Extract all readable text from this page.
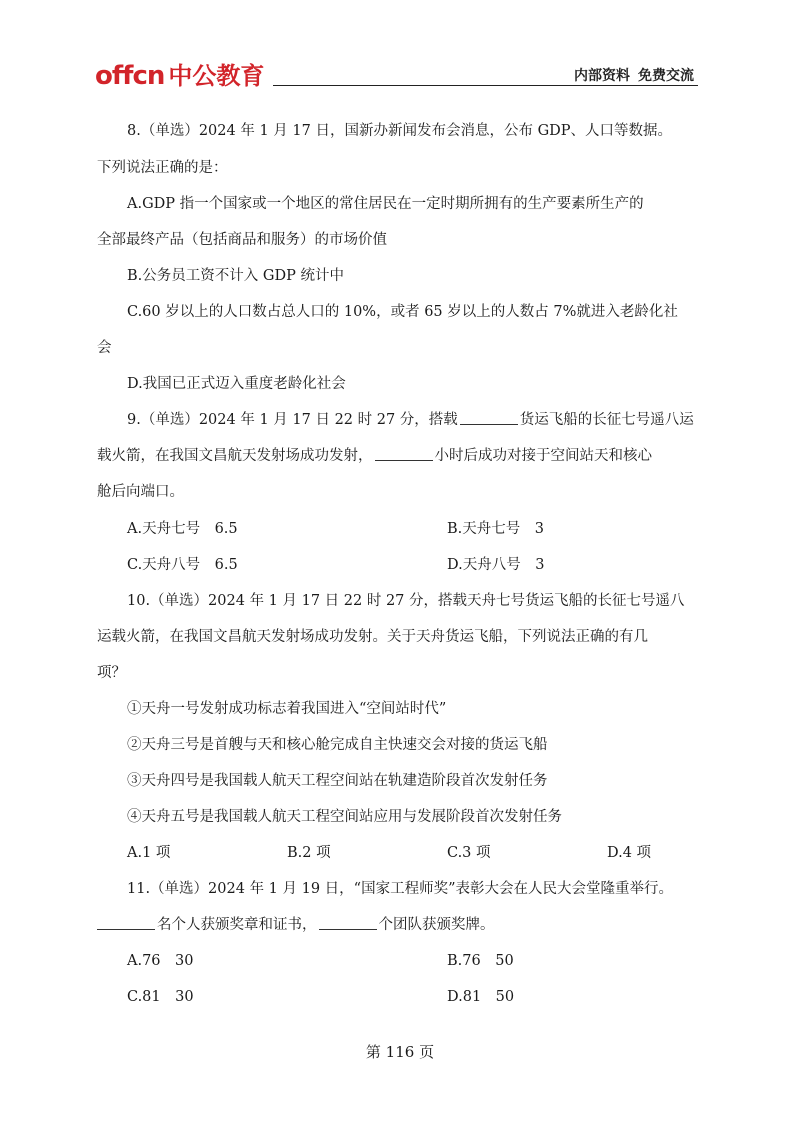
offcn 中公教育	内部资料 免费交流
8.（单选）2024 年 1 月 17 日，国新办新闻发布会消息，公布 GDP、人口等数据。
下列说法正确的是：
A.GDP 指一个国家或一个地区的常住居民在一定时期所拥有的生产要素所生产的
全部最终产品（包括商品和服务）的市场价值
B.公务员工资不计入 GDP 统计中
C.60 岁以上的人口数占总人口的 10%，或者 65 岁以上的人数占 7%就进入老龄化社
会
D.我国已正式迈入重度老龄化社会
9.（单选）2024 年 1 月 17 日 22 时 27 分，搭载	货运飞船的长征七号遥八运
载火箭，在我国文昌航天发射场成功发射，	小时后成功对接于空间站天和核心
舱后向端口。
A.天舟七号　6.5	B.天舟七号　3
C.天舟八号　6.5	D.天舟八号　3
10.（单选）2024 年 1 月 17 日 22 时 27 分，搭载天舟七号货运飞船的长征七号遥八
运载火箭，在我国文昌航天发射场成功发射。关于天舟货运飞船，下列说法正确的有几
项？
①天舟一号发射成功标志着我国进入“空间站时代”
②天舟三号是首艘与天和核心舱完成自主快速交会对接的货运飞船
③天舟四号是我国载人航天工程空间站在轨建造阶段首次发射任务
④天舟五号是我国载人航天工程空间站应用与发展阶段首次发射任务
A.1 项	B.2 项	C.3 项	D.4 项
11.（单选）2024 年 1 月 19 日，“国家工程师奖”表彰大会在人民大会堂隆重举行。
名个人获颁奖章和证书，	个团队获颁奖牌。
A.76　30	B.76　50
C.81　30	D.81　50
第 116 页
